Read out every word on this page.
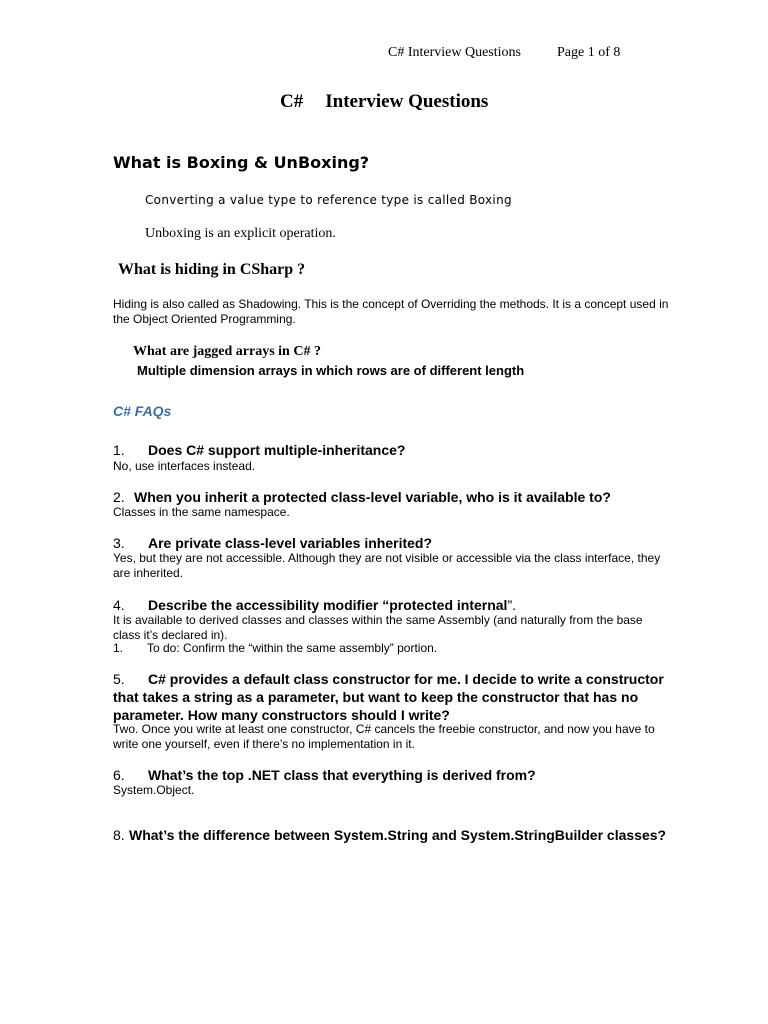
C# Interview Questions	Page 1 of 8
C# Interview Questions
What is Boxing & UnBoxing?
Converting a value type to reference type is called Boxing
Unboxing is an explicit operation.
What is hiding in CSharp ?
Hiding is also called as Shadowing. This is the concept of Overriding the methods. It is a concept used in the Object Oriented Programming.
What are jagged arrays in C# ?
Multiple dimension arrays in which rows are of different length
C# FAQs
1. Does C# support multiple-inheritance?
No, use interfaces instead.
2. When you inherit a protected class-level variable, who is it available to?
Classes in the same namespace.
3. Are private class-level variables inherited?
Yes, but they are not accessible. Although they are not visible or accessible via the class interface, they are inherited.
4. Describe the accessibility modifier “protected internal”.
It is available to derived classes and classes within the same Assembly (and naturally from the base class it’s declared in).
1. To do: Confirm the “within the same assembly” portion.
5. C# provides a default class constructor for me. I decide to write a constructor that takes a string as a parameter, but want to keep the constructor that has no parameter. How many constructors should I write?
Two. Once you write at least one constructor, C# cancels the freebie constructor, and now you have to write one yourself, even if there’s no implementation in it.
6. What’s the top .NET class that everything is derived from?
System.Object.
8. What’s the difference between System.String and System.StringBuilder classes?
